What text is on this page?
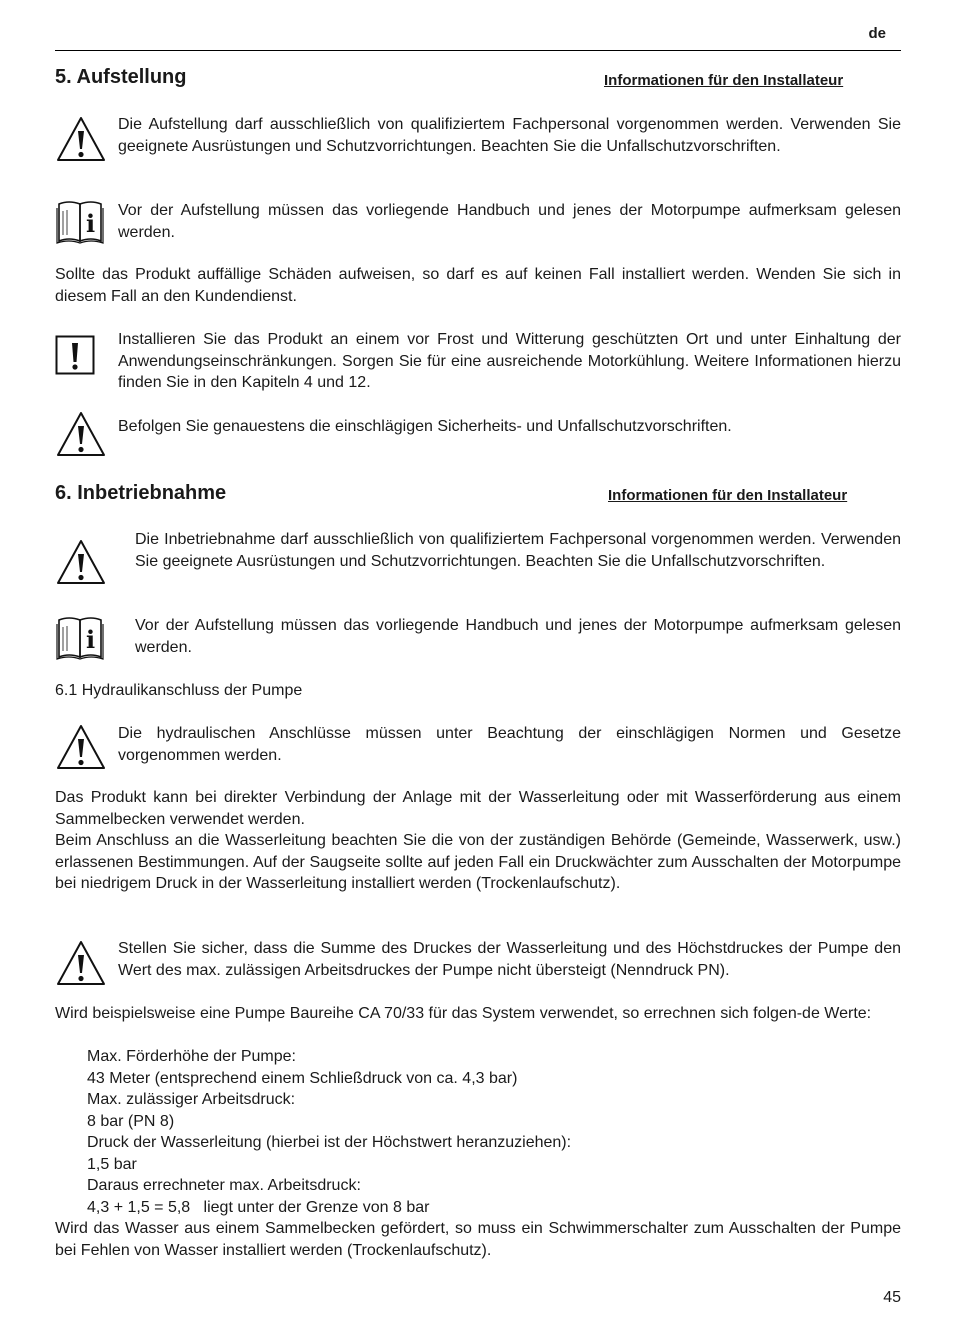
de
5. Aufstellung	Informationen für den Installateur
Die Aufstellung darf ausschließlich von qualifiziertem Fachpersonal vorgenommen werden. Verwenden Sie geeignete Ausrüstungen und Schutzvorrichtungen. Beachten Sie die Unfallschutzvorschriften.
i Vor der Aufstellung müssen das vorliegende Handbuch und jenes der Motorpumpe aufmerksam gelesen werden.
Sollte das Produkt auffällige Schäden aufweisen, so darf es auf keinen Fall installiert werden. Wenden Sie sich in diesem Fall an den Kundendienst.
Installieren Sie das Produkt an einem vor Frost und Witterung geschützten Ort und unter Einhaltung der Anwendungseinschränkungen. Sorgen Sie für eine ausreichende Motorkühlung. Weitere Informationen hierzu finden Sie in den Kapiteln 4 und 12.
Befolgen Sie genauestens die einschlägigen Sicherheits- und Unfallschutzvorschriften.
6. Inbetriebnahme	Informationen für den Installateur
Die Inbetriebnahme darf ausschließlich von qualifiziertem Fachpersonal vorgenommen werden. Verwenden Sie geeignete Ausrüstungen und Schutzvorrichtungen. Beachten Sie die Unfallschutzvorschriften.
i Vor der Aufstellung müssen das vorliegende Handbuch und jenes der Motorpumpe aufmerksam gelesen werden.
6.1 Hydraulikanschluss der Pumpe
Die hydraulischen Anschlüsse müssen unter Beachtung der einschlägigen Normen und Gesetze vorgenommen werden.
Das Produkt kann bei direkter Verbindung der Anlage mit der Wasserleitung oder mit Wasserförderung aus einem Sammelbecken verwendet werden.
Beim Anschluss an die Wasserleitung beachten Sie die von der zuständigen Behörde (Gemeinde, Wasserwerk, usw.) erlassenen Bestimmungen. Auf der Saugseite sollte auf jeden Fall ein Druckwächter zum Ausschalten der Motorpumpe bei niedrigem Druck in der Wasserleitung installiert werden (Trockenlaufschutz).
Stellen Sie sicher, dass die Summe des Druckes der Wasserleitung und des Höchstdruckes der Pumpe den Wert des max. zulässigen Arbeitsdruckes der Pumpe nicht übersteigt (Nenndruck PN).
Wird beispielsweise eine Pumpe Baureihe CA 70/33 für das System verwendet, so errechnen sich folgen-de Werte:
Max. Förderhöhe der Pumpe:
43 Meter (entsprechend einem Schließdruck von ca. 4,3 bar)
Max. zulässiger Arbeitsdruck:
8 bar (PN 8)
Druck der Wasserleitung (hierbei ist der Höchstwert heranzuziehen):
1,5 bar
Daraus errechneter max. Arbeitsdruck:
4,3 + 1,5 = 5,8   liegt unter der Grenze von 8 bar
Wird das Wasser aus einem Sammelbecken gefördert, so muss ein Schwimmerschalter zum Ausschalten der Pumpe bei Fehlen von Wasser installiert werden (Trockenlaufschutz).
45
